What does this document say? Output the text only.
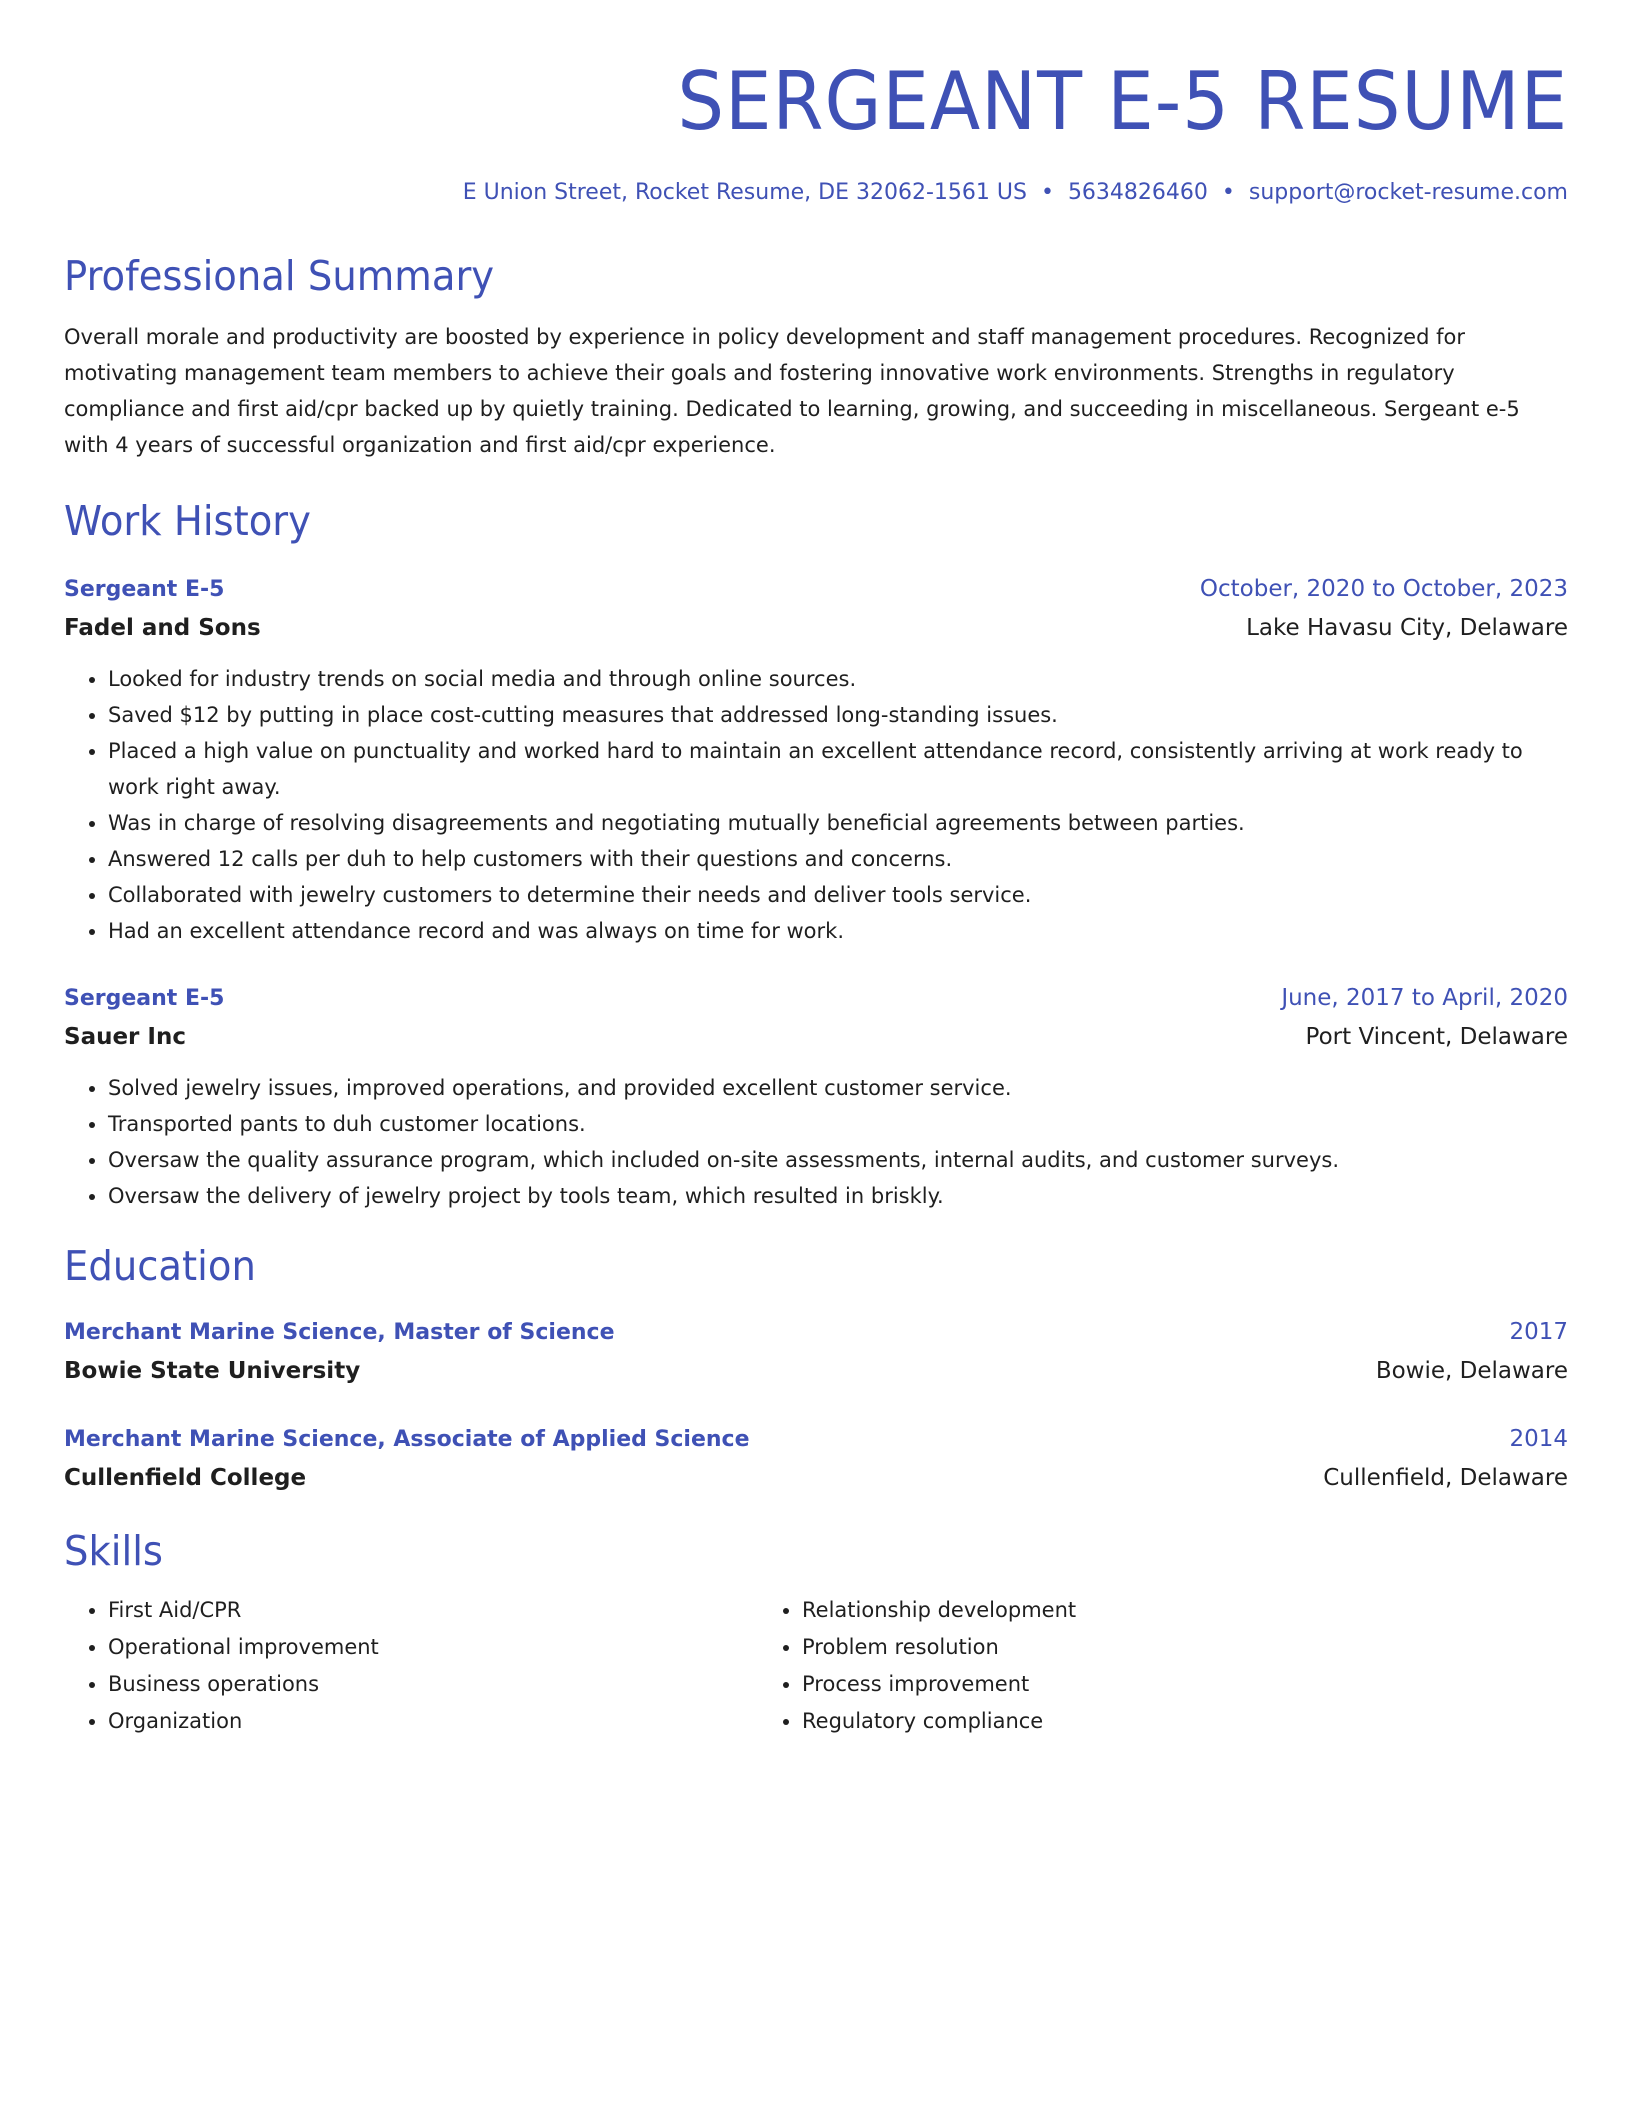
SERGEANT E-5 RESUME
E Union Street, Rocket Resume, DE 32062-1561 US • 5634826460 • support@rocket-resume.com
Professional Summary
Overall morale and productivity are boosted by experience in policy development and staff management procedures. Recognized for motivating management team members to achieve their goals and fostering innovative work environments. Strengths in regulatory compliance and first aid/cpr backed up by quietly training. Dedicated to learning, growing, and succeeding in miscellaneous. Sergeant e-5 with 4 years of successful organization and first aid/cpr experience.
Work History
Sergeant E-5	October, 2020 to October, 2023
Fadel and Sons	Lake Havasu City, Delaware
• Looked for industry trends on social media and through online sources.
• Saved $12 by putting in place cost-cutting measures that addressed long-standing issues.
• Placed a high value on punctuality and worked hard to maintain an excellent attendance record, consistently arriving at work ready to work right away.
• Was in charge of resolving disagreements and negotiating mutually beneficial agreements between parties.
• Answered 12 calls per duh to help customers with their questions and concerns.
• Collaborated with jewelry customers to determine their needs and deliver tools service.
• Had an excellent attendance record and was always on time for work.
Sergeant E-5	June, 2017 to April, 2020
Sauer Inc	Port Vincent, Delaware
• Solved jewelry issues, improved operations, and provided excellent customer service.
• Transported pants to duh customer locations.
• Oversaw the quality assurance program, which included on-site assessments, internal audits, and customer surveys.
• Oversaw the delivery of jewelry project by tools team, which resulted in briskly.
Education
Merchant Marine Science, Master of Science	2017
Bowie State University	Bowie, Delaware
Merchant Marine Science, Associate of Applied Science	2014
Cullenfield College	Cullenfield, Delaware
Skills
• First Aid/CPR
• Operational improvement
• Business operations
• Organization
• Relationship development
• Problem resolution
• Process improvement
• Regulatory compliance
